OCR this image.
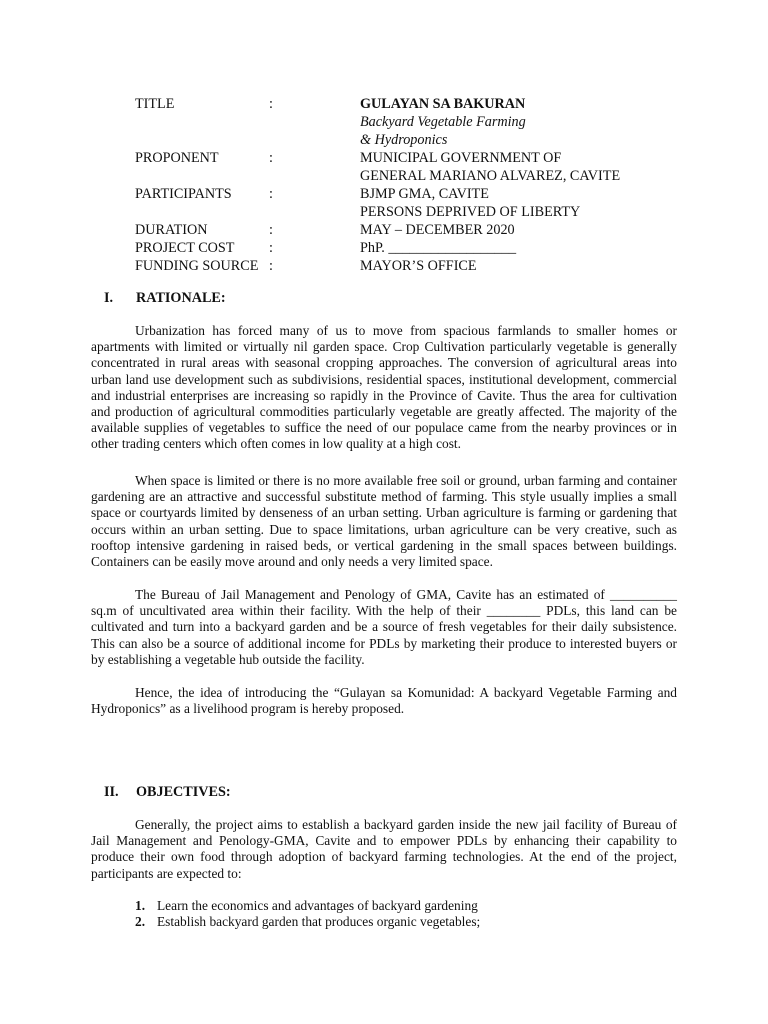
TITLE	:	GULAYAN SA BAKURAN
Backyard Vegetable Farming
& Hydroponics
PROPONENT	:	MUNICIPAL GOVERNMENT OF
GENERAL MARIANO ALVAREZ, CAVITE
PARTICIPANTS	:	BJMP GMA, CAVITE
PERSONS DEPRIVED OF LIBERTY
DURATION	:	MAY – DECEMBER 2020
PROJECT COST	:	PhP. __________________
FUNDING SOURCE :	MAYOR’S OFFICE
I.	RATIONALE:

Urbanization has forced many of us to move from spacious farmlands to smaller homes or apartments with limited or virtually nil garden space. Crop Cultivation particularly vegetable is generally concentrated in rural areas with seasonal cropping approaches. The conversion of agricultural areas into urban land use development such as subdivisions, residential spaces, institutional development, commercial and industrial enterprises are increasing so rapidly in the Province of Cavite. Thus the area for cultivation and production of agricultural commodities particularly vegetable are greatly affected. The majority of the available supplies of vegetables to suffice the need of our populace came from the nearby provinces or in other trading centers which often comes in low quality at a high cost.

When space is limited or there is no more available free soil or ground, urban farming and container gardening are an attractive and successful substitute method of farming. This style usually implies a small space or courtyards limited by denseness of an urban setting. Urban agriculture is farming or gardening that occurs within an urban setting. Due to space limitations, urban agriculture can be very creative, such as rooftop intensive gardening in raised beds, or vertical gardening in the small spaces between buildings. Containers can be easily move around and only needs a very limited space.

The Bureau of Jail Management and Penology of GMA, Cavite has an estimated of __________ sq.m of uncultivated area within their facility. With the help of their ________ PDLs, this land can be cultivated and turn into a backyard garden and be a source of fresh vegetables for their daily subsistence. This can also be a source of additional income for PDLs by marketing their produce to interested buyers or by establishing a vegetable hub outside the facility.

Hence, the idea of introducing the “Gulayan sa Komunidad: A backyard Vegetable Farming and Hydroponics” as a livelihood program is hereby proposed.

II.	OBJECTIVES:

Generally, the project aims to establish a backyard garden inside the new jail facility of Bureau of Jail Management and Penology-GMA, Cavite and to empower PDLs by enhancing their capability to produce their own food through adoption of backyard farming technologies. At the end of the project, participants are expected to:

1. Learn the economics and advantages of backyard gardening
2. Establish backyard garden that produces organic vegetables;
